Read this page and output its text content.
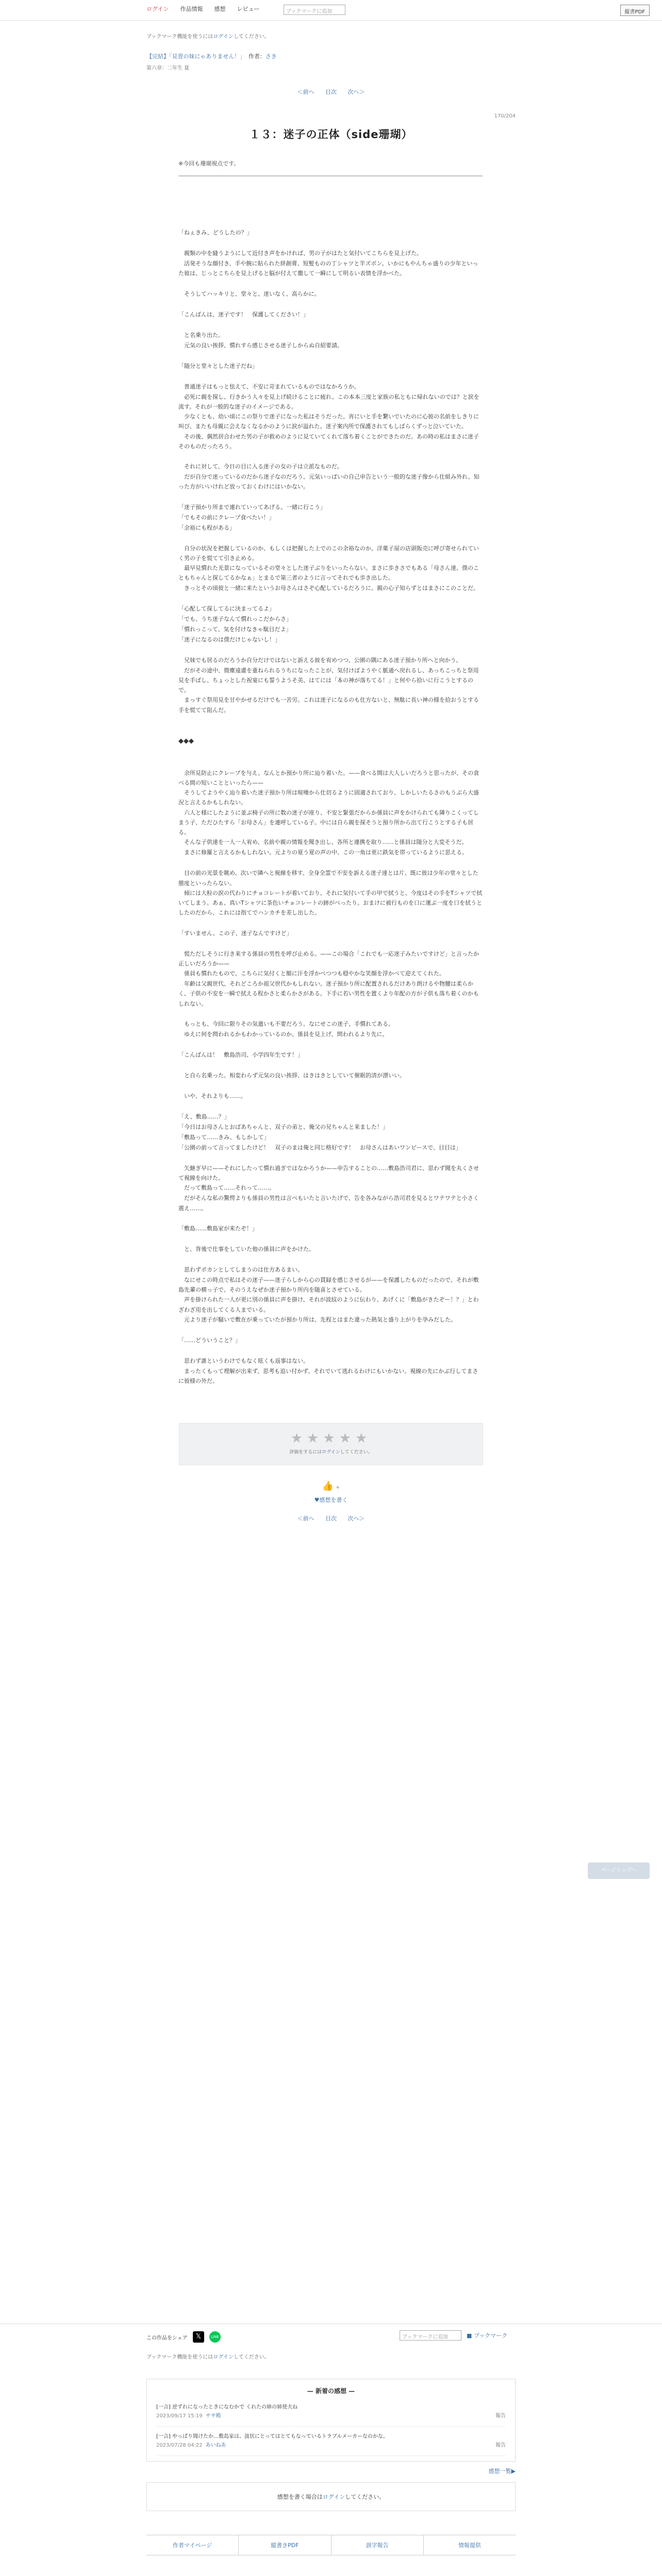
ログイン 作品情報 感想 レビュー	ブックマークに追加	縦書PDF
ブックマーク機能を使うにはログインしてください。
【完結】「見習の妹にゃありません！」　 作者：さき
第六章：二年生 夏
＜前へ 目次 次へ＞
170/204
１３：迷子の正体（side珊瑚）
※今回も珊瑚視点です。

「ねぇきみ、どうしたの？」

　親類の中を縫うようにして近付き声をかければ、男の子がはたと気付いてこちらを見上げた。

　活発そうな顔付き、手や腕に貼られた絆創膏、短髪ものの丁シャツと半ズボン。いかにもやんちゃ盛りの少年といった彼は、じっとこちらを見上げると脳が付えて撒して一瞬にして明るい表情を浮かべた。

　そうしてハッキリと、堂々と、迷いなく、高らかに。

「こんばんは、迷子です！　保護してください！」

　と名乗り出た。

　元気の良い挨拶、慣れすら感じさせる迷子しからぬ自紹要請。

「随分と堂々とした迷子だね」

　普通迷子はもっと怯えて、不安に苛まれているものではなかろうか。

　必死に親を探し、行きかう人々を見上げ続けることに疲れ、この本本三度と家族の私ともに帰れないのでは？と涙を流す。それが一般的な迷子のイメージである。

　少なくとも、幼い頃にこの祭りで迷子になった私はそうだった。宵にいと手を繋いでいたのに心彼の名前をしきりに叫び、またも母親に会えなくなるかのように涙が溢れた。迷子案内所で保護されてもしばらくずっと泣いていた。

　その後、偶然居合わせた男の子が救めのように見ていてくれて落ち着くことができたのだ。あの時の私はまさに迷子そのものだったろう。

　それに対して、今日の目に入る迷子の女の子は立派なものだ。

　だが自分で迷っているのだから迷子なのだろう。元気いっぱいの自己申告という一般的な迷子像から仕組み外れ、知った方がいいけれど放っておくわけにはいかない。

「迷子預かり所まで連れていってあげる。一緒に行こう」

「でもその前にクレープ食べたい！」

「余裕にも程がある」

　自分の状況を把握しているのか、もしくは把握した上でのこの余裕なのか。洋菓子屋の店頭販売に呼び寄せられていく男の子を慌てて引き止める。

　最早見慣れた光景になっているその堂々とした迷子ぶりをいったらない。まさに歩きさでもある「母さん達、僕のこともちゃんと探してるかなぁ」とまるで第三者のように言ってそれでも歩き出した。

　きっとその頃彼と一緒に来たというお母さんはさぞ心配しているだろうに。親の心子知らずとはまさにこのことだ。

「心配して探してるに決まってるよ」

「でも、うち迷子なんて慣れっこだからさ」

「慣れっこって、気を付けなきゃ駄目だよ」

「迷子になるのは僕だけじゃないし！」

　兄妹でも居るのだろうか自分だけではないと訴える彼を宥めつつ、公園の隅にある迷子預かり所へと向かう。

　だがその途中、微塵遠慮を重ねられるうちになったことが、気付けばようやく脈通へ戻れるし、あっちこっちと祭用見を手ばし、ちょっとした祝宴にも誓うようそ美、はてには「本の神が落ちてる！」と何やら拾いに行こうとするので。

　まっすぐ祭用見を甘やかせるだけでも一苦労。これは迷子になるのも仕方ないと、無駄に長い神の様を拾おうとする手を慌てて阻んだ。

◆◆◆

　余所見防止にクレープを与え、なんとか預かり所に辿り着いた。——食べる間は大人しいだろうと思ったが、その食べる間の短いことといったら——

　そうしてようやく辿り着いた迷子預かり所は喧噪から仕切るように固適されており、しかしいたるさのもうぶら大盛況と言えるかもしれない。

　六人と様にしたように並ぶ椅子の所に数の迷子が座り、不安と緊張だからか係員に声をかけられても隣りこくってしまう子、ただひたすら「お母さん」を連呼している子。中には自ら親を探そうと預り所から出て行こうとする子も居る。

　そんな子供達を一人一人宥め、名前や親の情報を聞き出し、各所と連携を取り……と係員は随分と大変そうだ。

　まさに修羅と言えるかもしれない。元よりの夏う夏の声の中、この一角は更に鉄気を帯っているように思える。

　目の前の光景を眺め、次いで隣へと視線を移す。全身全霊で不安を訴える迷子達とは片、既に彼は少年の堂々とした態度といったらない。

　傾には大粒の涙の代わりにチョコレートが着いており、それに気付いて手の甲で拭うと、今度はその手をTシャツで拭いてしまう。あぁ、真いTシャツに茶色いチョコレートの跡がべったり。おまけに被行ものを口に運ぶ一度を口を拭うとしたのだから、これには指てでハンカチを差し出した。

「すいません、この子、迷子なんですけど」

　慌ただしそうに行き来する係員の男性を呼び止める。——この場合「これでも一応迷子みたいですけど」と言ったか正しいだろうか——

　係員も慣れたもので、こちらに気付くと額に汗を浮かべつつも穏やかな笑顔を浮かべて迎えてくれた。

　年齢は父親世代、それどころか祖父世代かもしれない。迷子預かり所に配置されるだけあり朗けるや物腰は柔らかく、子供の不安を一瞬で拭える程かさと柔らかさがある。下手に若い男性を置くより年配の方が子供も落ち着くのかもしれない。

　もっとも、今回に限りその気遣いも不要だろう。なにせこの迷子、手慣れてある。

　ゆえに何を問われるかもわかっているのか、係員を見上げ、問われるより先に。

「こんばんは！　敷島浩司、小学四年生です！」

　と自ら名乗った。相変わらず元気の良い挨拶、はきはきとしていて催眠的清が漂いい。

　いや、それよりも……。

「え、敷島……？」

「今日はお母さんとおばあちゃんと、双子の弟と、俺父の兄ちゃんと来ました！」

「敷島って……きみ、もしかして」

「公園の前って言ってましたけど！　双子のまは俺と同じ格好です！　お母さんはあいワンピースで、目目は」

　矢継ぎ早に——それにしたって慣れ過ぎではなかろうか——申告することの……敷島浩司君に、思わず聞を丸くさせて視線を向けた。

　だって敷島って……それって……。

　だがそんな私の驚愕よりも係員の男性は言べもいたと言いたげで、告を各みながら浩司君を見るとワテワテと小さく震え……。

「敷島……敷島家が来たぞ！」

　と、背後で仕事をしていた他の係員に声をかけた。

　思わずポカンとしてしまうのは仕方あるまい。

　なにせこの時点で私はその迷子——迷子らしから心の貫録を感じさせるが——を保護したものだったので、それが敷島先輩の横っ子で、そのうえなぜか迷子預かり所内を随喜とさせている。

　声を掛けられた一人が更に別の係員に声を掛け、それが波紋のように伝わり、あげくに「敷島がきたぞー！？」とわざわざ用を出してくる人までいる。

　元より迷子が騒いで敷在が乗っていたが預かり所は、先程とはまた違った熱気と盛り上がりを孕みだした。

「……どういうこと？」

　思わず誰というわけでもなく呟くも返事はない。

　まったくもって理解が出来ず、思考も追い付かず、それでいて逃れるわけにもいかない。視線の先にかぶ行してまさに彼様の外だ。

★★★★★
評価をするにはログインしてください。
👍 +
♥感想を書く
＜前へ 目次 次へ＞
この作品をシェア	𝕏	LINE	ブックマークに追加	■ ブックマーク
ブックマーク機能を使うにはログインしてください。
— 新着の感想 —
[一言] 逆ずれになったときになむかで くれたの姉の姉使夫ね
2023/09/17 15:19 ササ殿	報告
[一言] やっぱり聞けたか…敷島家は、波状にとってはとてもなっているトラブルメーカーなのかな。
2023/07/28 04:22 あいねあ	報告
感想一覧▶
感想を書く場合はログインしてください。
作者マイページ	縦書きPDF	誤字報告	情報提供
ページトップへ
